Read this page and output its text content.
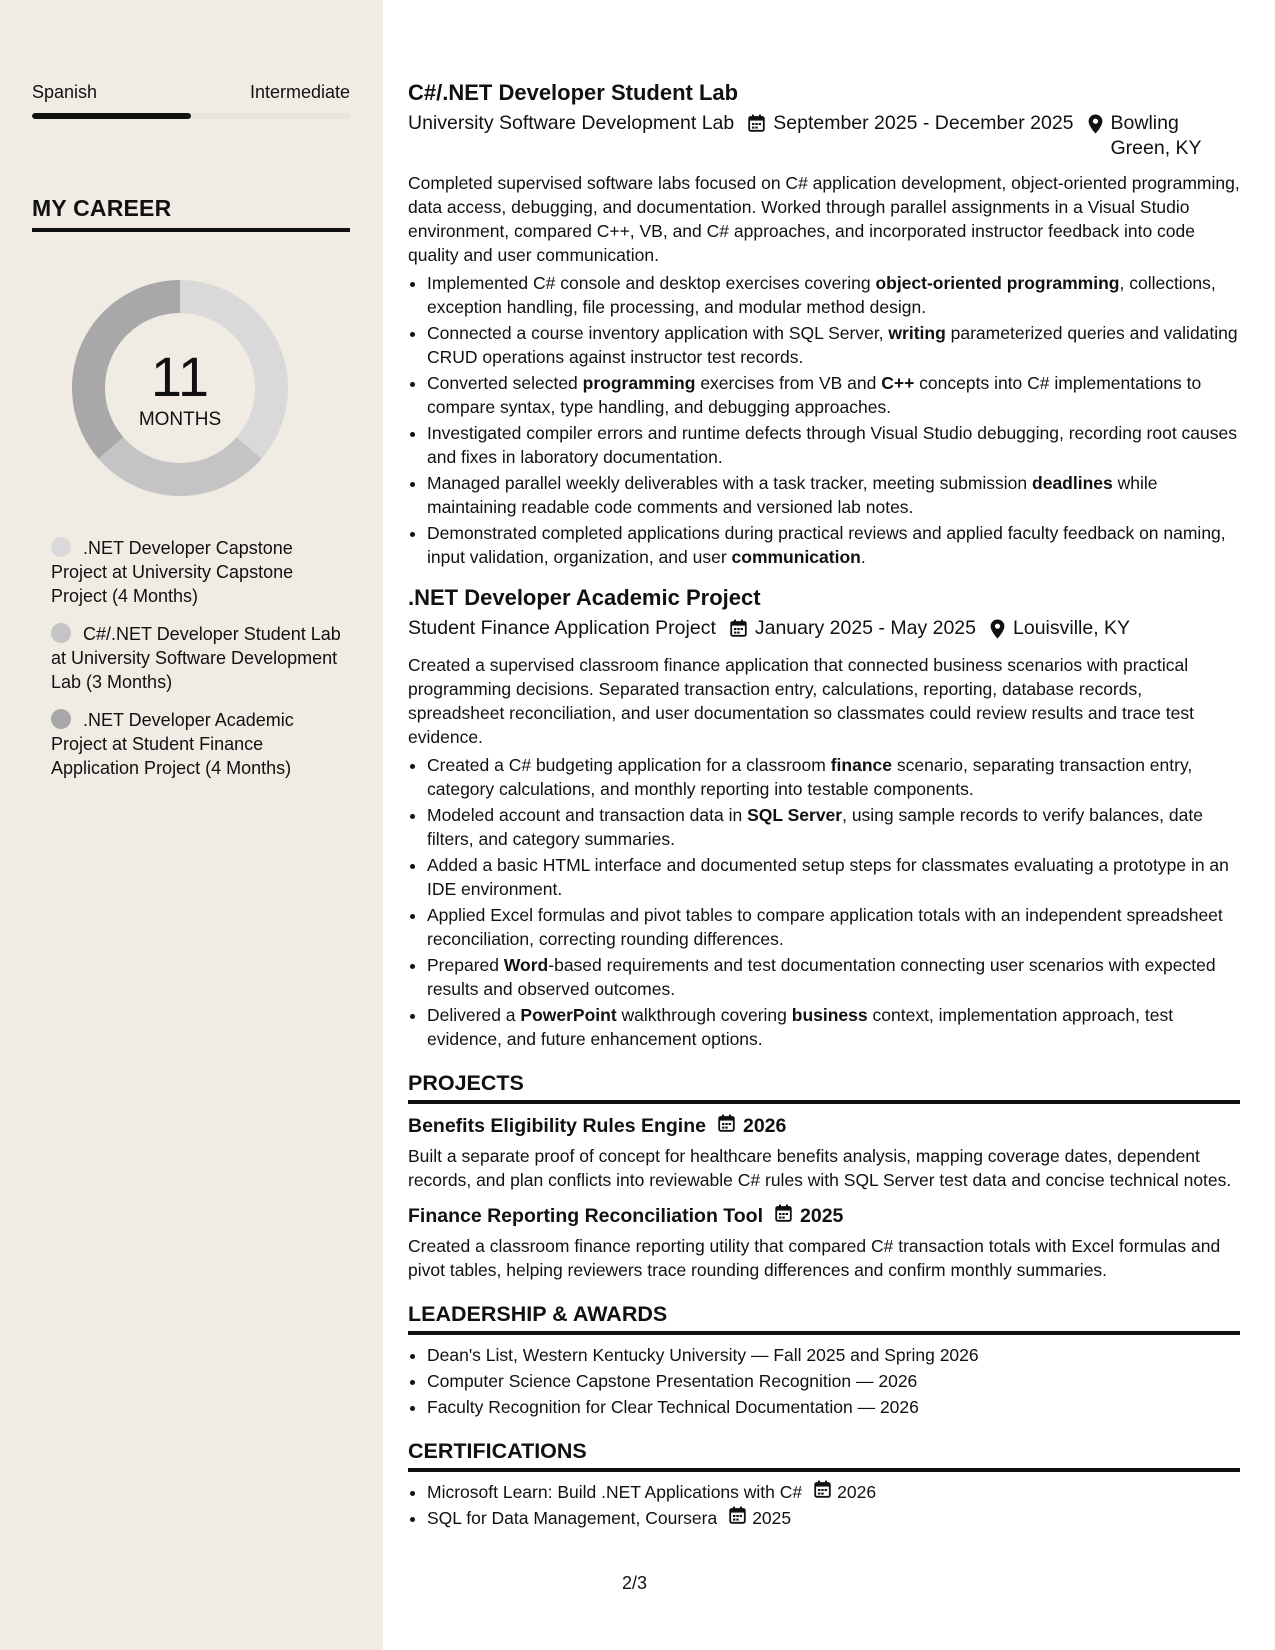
Spanish	Intermediate
MY CAREER
11
MONTHS
.NET Developer Capstone Project at University Capstone Project (4 Months)
C#/.NET Developer Student Lab at University Software Development Lab (3 Months)
.NET Developer Academic Project at Student Finance Application Project (4 Months)
C#/.NET Developer Student Lab
University Software Development Lab September 2025 - December 2025 Bowling Green, KY
Completed supervised software labs focused on C# application development, object-oriented programming, data access, debugging, and documentation. Worked through parallel assignments in a Visual Studio environment, compared C++, VB, and C# approaches, and incorporated instructor feedback into code quality and user communication.
• Implemented C# console and desktop exercises covering object-oriented programming, collections, exception handling, file processing, and modular method design.
• Connected a course inventory application with SQL Server, writing parameterized queries and validating CRUD operations against instructor test records.
• Converted selected programming exercises from VB and C++ concepts into C# implementations to compare syntax, type handling, and debugging approaches.
• Investigated compiler errors and runtime defects through Visual Studio debugging, recording root causes and fixes in laboratory documentation.
• Managed parallel weekly deliverables with a task tracker, meeting submission deadlines while maintaining readable code comments and versioned lab notes.
• Demonstrated completed applications during practical reviews and applied faculty feedback on naming, input validation, organization, and user communication.
.NET Developer Academic Project
Student Finance Application Project January 2025 - May 2025 Louisville, KY
Created a supervised classroom finance application that connected business scenarios with practical programming decisions. Separated transaction entry, calculations, reporting, database records, spreadsheet reconciliation, and user documentation so classmates could review results and trace test evidence.
• Created a C# budgeting application for a classroom finance scenario, separating transaction entry, category calculations, and monthly reporting into testable components.
• Modeled account and transaction data in SQL Server, using sample records to verify balances, date filters, and category summaries.
• Added a basic HTML interface and documented setup steps for classmates evaluating a prototype in an IDE environment.
• Applied Excel formulas and pivot tables to compare application totals with an independent spreadsheet reconciliation, correcting rounding differences.
• Prepared Word-based requirements and test documentation connecting user scenarios with expected results and observed outcomes.
• Delivered a PowerPoint walkthrough covering business context, implementation approach, test evidence, and future enhancement options.
PROJECTS
Benefits Eligibility Rules Engine 2026
Built a separate proof of concept for healthcare benefits analysis, mapping coverage dates, dependent records, and plan conflicts into reviewable C# rules with SQL Server test data and concise technical notes.
Finance Reporting Reconciliation Tool 2025
Created a classroom finance reporting utility that compared C# transaction totals with Excel formulas and pivot tables, helping reviewers trace rounding differences and confirm monthly summaries.
LEADERSHIP & AWARDS
• Dean's List, Western Kentucky University — Fall 2025 and Spring 2026
• Computer Science Capstone Presentation Recognition — 2026
• Faculty Recognition for Clear Technical Documentation — 2026
CERTIFICATIONS
• Microsoft Learn: Build .NET Applications with C# 2026
• SQL for Data Management, Coursera 2025
2/3
